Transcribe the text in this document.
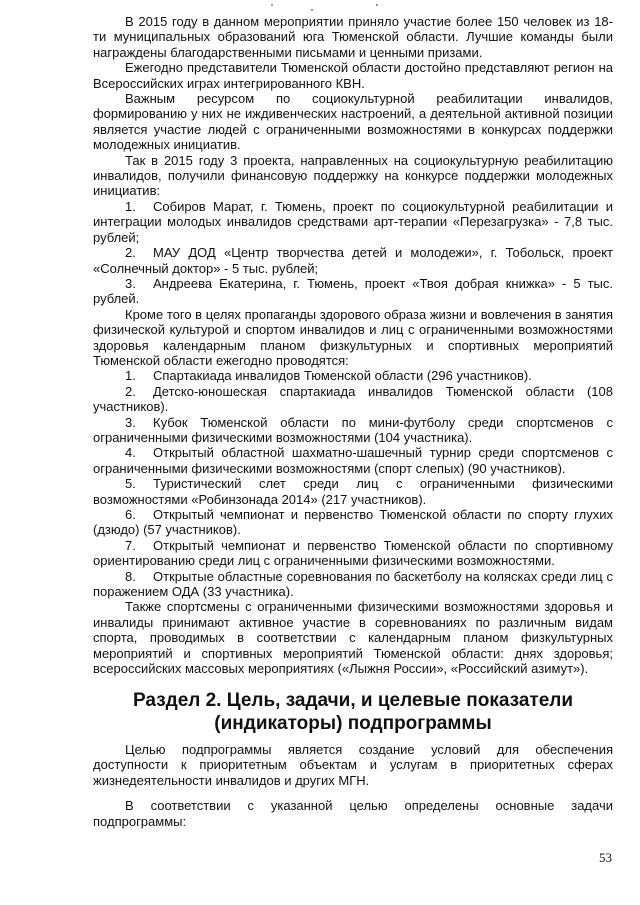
В 2015 году в данном мероприятии приняло участие более 150 человек из 18-ти муниципальных образований юга Тюменской области. Лучшие команды были награждены благодарственными письмами и ценными призами.

Ежегодно представители Тюменской области достойно представляют регион на Всероссийских играх интегрированного КВН.

Важным ресурсом по социокультурной реабилитации инвалидов, формированию у них не иждивенческих настроений, а деятельной активной позиции является участие людей с ограниченными возможностями в конкурсах поддержки молодежных инициатив.

Так в 2015 году 3 проекта, направленных на социокультурную реабилитацию инвалидов, получили финансовую поддержку на конкурсе поддержки молодежных инициатив:

1. Собиров Марат, г. Тюмень, проект по социокультурной реабилитации и интеграции молодых инвалидов средствами арт-терапии «Перезагрузка» - 7,8 тыс. рублей;

2. МАУ ДОД «Центр творчества детей и молодежи», г. Тобольск, проект «Солнечный доктор» - 5 тыс. рублей;

3. Андреева Екатерина, г. Тюмень, проект «Твоя добрая книжка» - 5 тыс. рублей.

Кроме того в целях пропаганды здорового образа жизни и вовлечения в занятия физической культурой и спортом инвалидов и лиц с ограниченными возможностями здоровья календарным планом физкультурных и спортивных мероприятий Тюменской области ежегодно проводятся:

1. Спартакиада инвалидов Тюменской области (296 участников).

2. Детско-юношеская спартакиада инвалидов Тюменской области (108 участников).

3. Кубок Тюменской области по мини-футболу среди спортсменов с ограниченными физическими возможностями (104 участника).

4. Открытый областной шахматно-шашечный турнир среди спортсменов с ограниченными физическими возможностями (спорт слепых) (90 участников).

5. Туристический слет среди лиц с ограниченными физическими возможностями «Робинзонада 2014» (217 участников).

6. Открытый чемпионат и первенство Тюменской области по спорту глухих (дзюдо) (57 участников).

7. Открытый чемпионат и первенство Тюменской области по спортивному ориентированию среди лиц с ограниченными физическими возможностями.

8. Открытые областные соревнования по баскетболу на колясках среди лиц с поражением ОДА (33 участника).

Также спортсмены с ограниченными физическими возможностями здоровья и инвалиды принимают активное участие в соревнованиях по различным видам спорта, проводимых в соответствии с календарным планом физкультурных мероприятий и спортивных мероприятий Тюменской области: днях здоровья; всероссийских массовых мероприятиях («Лыжня России», «Российский азимут»).

Раздел 2. Цель, задачи, и целевые показатели
(индикаторы) подпрограммы

Целью подпрограммы является создание условий для обеспечения доступности к приоритетным объектам и услугам в приоритетных сферах жизнедеятельности инвалидов и других МГН.

В соответствии с указанной целью определены основные задачи подпрограммы:

53
